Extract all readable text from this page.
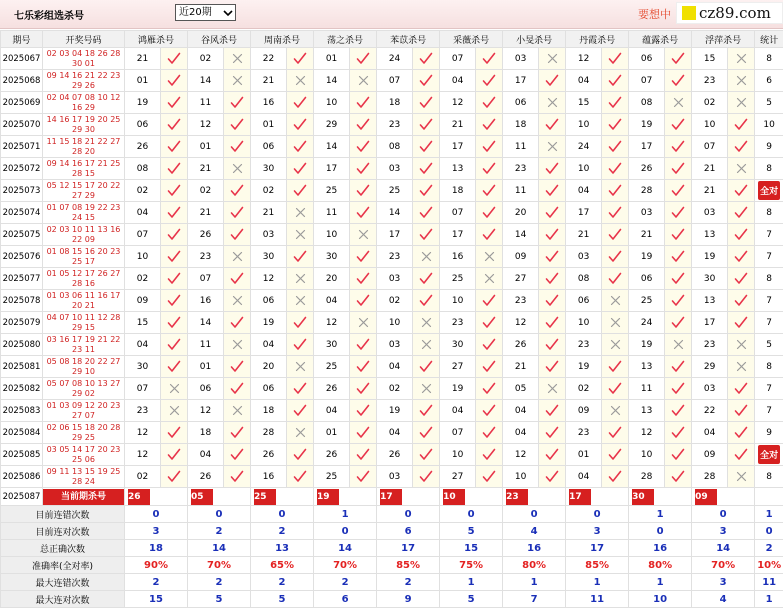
七乐彩组选杀号	近20期	要想中 cz89.com
期号	开奖号码	鸿雁杀号		谷风杀号		周南杀号		荡之杀号		苯苡杀号		采薇杀号		小旻杀号		丹霞杀号		蕴露杀号		浮萍杀号		统计
2025067	02 03 04 18 26 28
30 01	21		02		22		01		24		07		03		12		06		15		8
2025068	09 14 16 21 22 23
29 26	01		14		21		14		07		04		17		04		07		23		6
2025069	02 04 07 08 10 12
16 29	19		11		16		10		18		12		06		15		08		02		5
2025070	14 16 17 19 20 25
29 30	06		12		01		29		23		21		18		10		19		10		10
2025071	11 15 18 21 22 27
28 20	26		01		06		14		08		17		11		24		17		07		9
2025072	09 14 16 17 21 25
28 15	08		21		30		17		03		13		23		10		26		21		8
2025073	05 12 15 17 20 22
27 29	02		02		02		25		25		18		11		04		28		21		全对
2025074	01 07 08 19 22 23
24 15	04		21		21		11		14		07		20		17		03		03		8
2025075	02 03 10 11 13 16
22 09	07		26		03		10		17		17		14		21		21		13		7
2025076	01 08 15 16 20 23
25 17	10		23		30		30		23		16		09		03		19		19		7
2025077	01 05 12 17 26 27
28 16	02		07		12		20		03		25		27		08		06		30		8
2025078	01 03 06 11 16 17
20 21	09		16		06		04		02		10		23		06		25		13		7
2025079	04 07 10 11 12 28
29 15	15		14		19		12		10		23		12		10		24		17		7
2025080	03 16 17 19 21 22
23 11	04		11		04		30		03		30		26		23		19		23		5
2025081	05 08 18 20 22 27
29 10	30		01		20		25		04		27		21		19		13		29		8
2025082	05 07 08 10 13 27
29 02	07		06		06		26		02		19		05		02		11		03		7
2025083	01 03 09 12 20 23
27 07	23		12		18		04		19		04		04		09		13		22		7
2025084	02 06 15 18 20 28
29 25	12		18		28		01		04		07		04		23		12		04		9
2025085	03 05 14 17 20 23
25 06	12		04		26		26		26		10		12		01		10		09		全对
2025086	09 11 13 15 19 25
28 24	02		26		16		25		03		27		10		04		28		28		8
2025087	当前期杀号	26		05		25		19		17		10		23		17		30		09		
目前连错次数		0		0		0		1		0		0		0		0		1		0		1
目前连对次数		3		2		2		0		6		5		4		3		0		3		0
总正确次数		18		14		13		14		17		15		16		17		16		14		2
准确率(全对率)		90%		70%		65%		70%		85%		75%		80%		85%		80%		70%		10%
最大连错次数		2		2		2		2		2		1		1		1		1		3		11
最大连对次数		15		5		5		6		9		5		7		11		10		4		1
